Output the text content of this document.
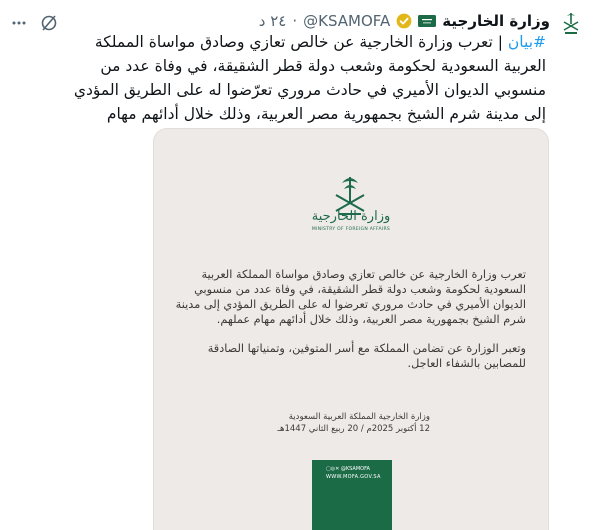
وزارة الخارجية
@KSAMOFA
·
٢٤ د
#بيان | تعرب وزارة الخارجية عن خالص تعازي وصادق مواساة المملكة العربية السعودية لحكومة وشعب دولة قطر الشقيقة، في وفاة عدد من منسوبي الديوان الأميري في حادث مروري تعرّضوا له على الطريق المؤدي إلى مدينة شرم الشيخ بجمهورية مصر العربية، وذلك خلال أدائهم مهام
وزارة الخارجية
MINISTRY OF FOREIGN AFFAIRS
تعرب وزارة الخارجية عن خالص تعازي وصادق مواساة المملكة العربية السعودية لحكومة وشعب دولة قطر الشقيقة، في وفاة عدد من منسوبي الديوان الأميري في حادث مروري تعرضوا له على الطريق المؤدي إلى مدينة شرم الشيخ بجمهورية مصر العربية، وذلك خلال أدائهم مهام عملهم.
وتعبر الوزارة عن تضامن المملكة مع أسر المتوفين، وتمنياتها الصادقة للمصابين بالشفاء العاجل.
وزارة الخارجية المملكة العربية السعودية
12 أكتوبر 2025م / 20 ربيع الثاني 1447هـ
▢◎✕ @KSAMOFA
WWW.MOFA.GOV.SA
